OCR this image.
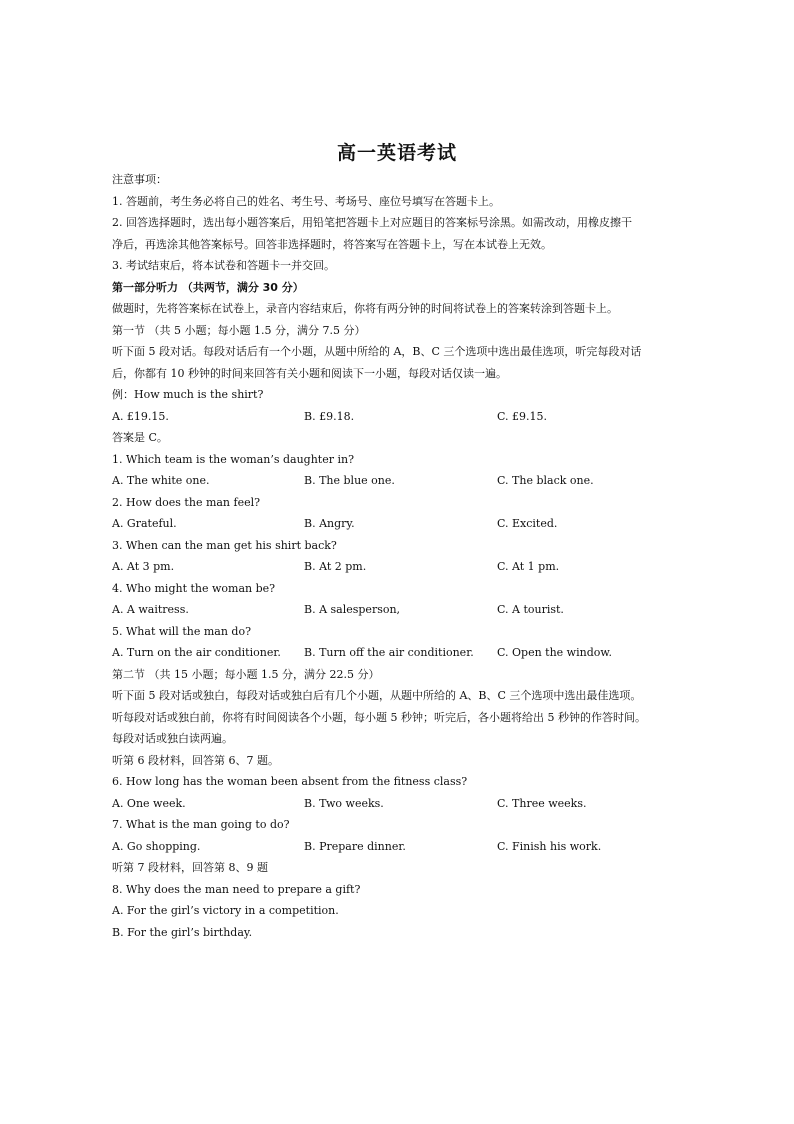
高一英语考试
注意事项：
1. 答题前，考生务必将自己的姓名、考生号、考场号、座位号填写在答题卡上。
2. 回答选择题时，选出每小题答案后，用铅笔把答题卡上对应题目的答案标号涂黑。如需改动，用橡皮擦干
净后，再选涂其他答案标号。回答非选择题时，将答案写在答题卡上，写在本试卷上无效。
3. 考试结束后，将本试卷和答题卡一并交回。
第一部分听力 （共两节，满分 30 分）
做题时，先将答案标在试卷上，录音内容结束后，你将有两分钟的时间将试卷上的答案转涂到答题卡上。
第一节 （共 5 小题；每小题 1.5 分，满分 7.5 分）
听下面 5 段对话。每段对话后有一个小题，从题中所给的 A，B、C 三个选项中选出最佳选项，听完每段对话
后，你都有 10 秒钟的时间来回答有关小题和阅读下一小题，每段对话仅读一遍。
例：How much is the shirt?
A. £19.15.	B. £9.18.	C. £9.15.
答案是 C。
1. Which team is the woman’s daughter in?
A. The white one.	B. The blue one.	C. The black one.
2. How does the man feel?
A. Grateful.	B. Angry.	C. Excited.
3. When can the man get his shirt back?
A. At 3 pm.	B. At 2 pm.	C. At 1 pm.
4. Who might the woman be?
A. A waitress.	B. A salesperson,	C. A tourist.
5. What will the man do?
A. Turn on the air conditioner.	B. Turn off the air conditioner.	C. Open the window.
第二节 （共 15 小题；每小题 1.5 分，满分 22.5 分）
听下面 5 段对话或独白，每段对话或独白后有几个小题，从题中所给的 A、B、C 三个选项中选出最佳选项。
听每段对话或独白前，你将有时间阅读各个小题，每小题 5 秒钟；听完后，各小题将给出 5 秒钟的作答时间。
每段对话或独白读两遍。
听第 6 段材料，回答第 6、7 题。
6. How long has the woman been absent from the fitness class?
A. One week.	B. Two weeks.	C. Three weeks.
7. What is the man going to do?
A. Go shopping.	B. Prepare dinner.	C. Finish his work.
听第 7 段材料，回答第 8、9 题
8. Why does the man need to prepare a gift?
A. For the girl’s victory in a competition.
B. For the girl’s birthday.
